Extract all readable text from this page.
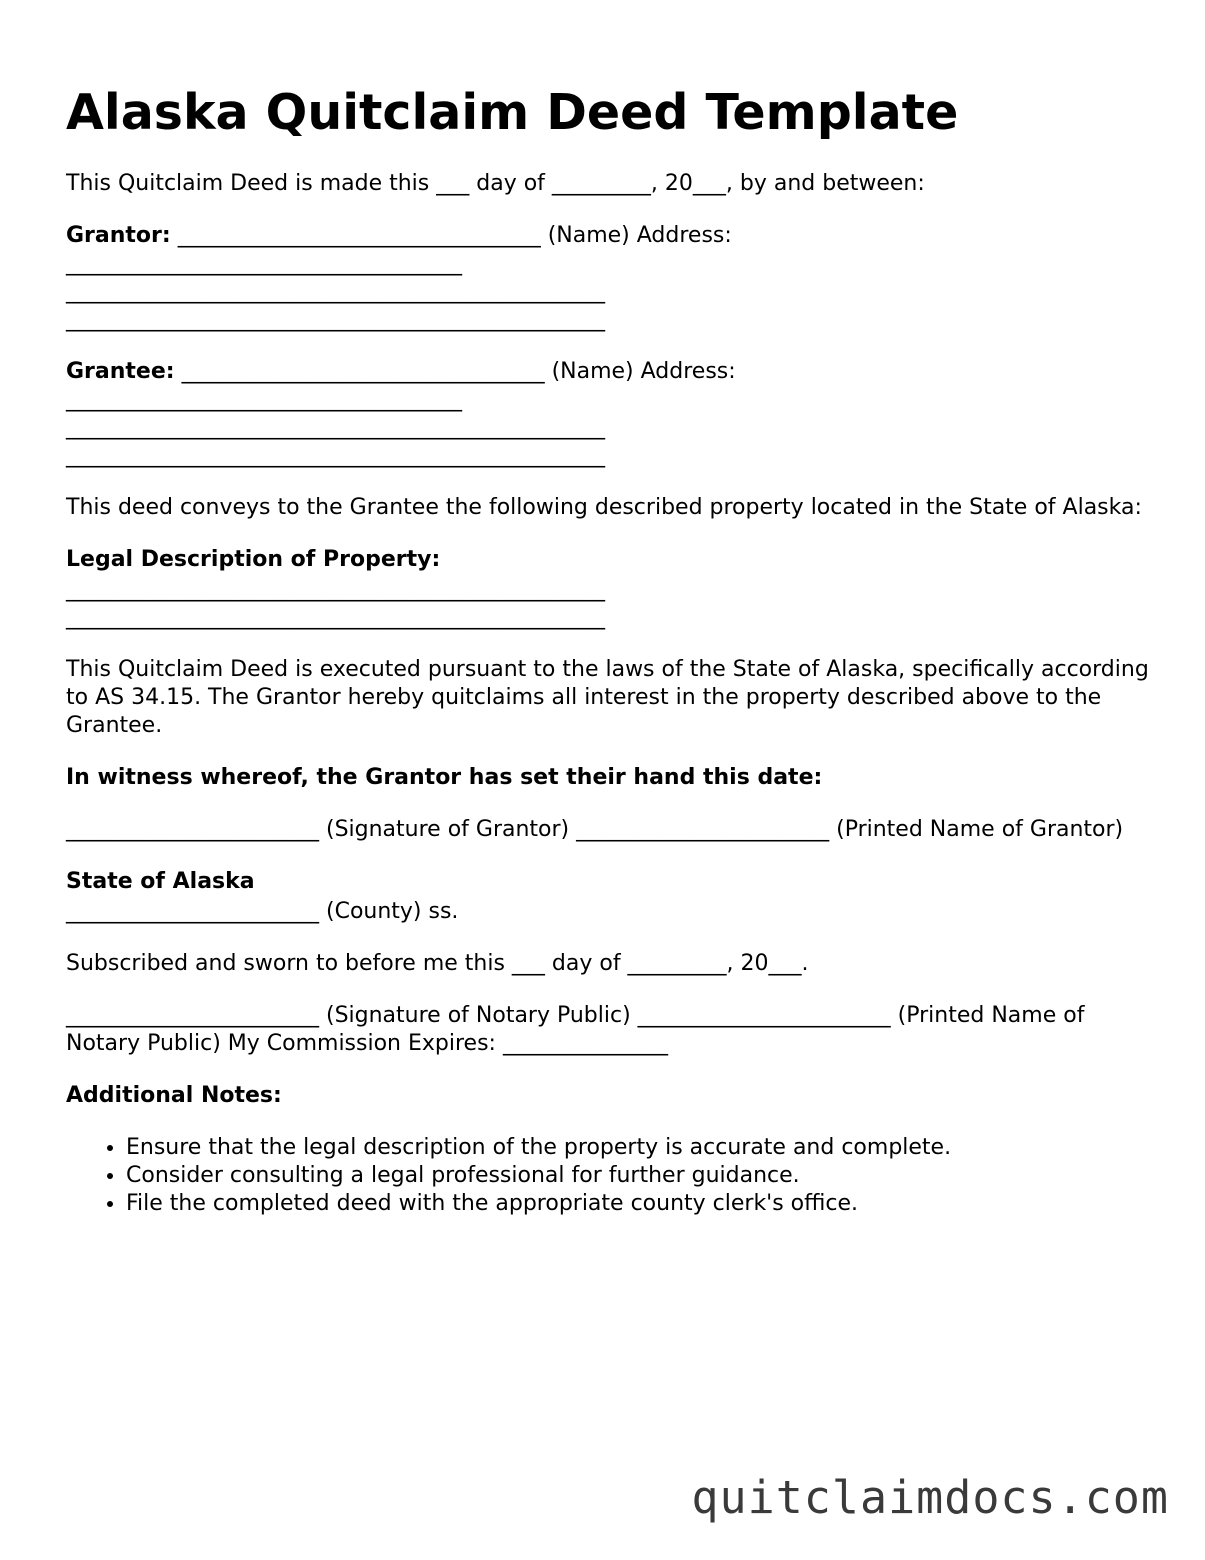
Alaska Quitclaim Deed Template

This Quitclaim Deed is made this ___ day of _________, 20___, by and between:

Grantor: _________________________________ (Name) Address:

____________________________________
_________________________________________________
_________________________________________________

Grantee: _________________________________ (Name) Address:

____________________________________
_________________________________________________
_________________________________________________

This deed conveys to the Grantee the following described property located in the State of Alaska:

Legal Description of Property:
_________________________________________________
_________________________________________________

This Quitclaim Deed is executed pursuant to the laws of the State of Alaska, specifically according to AS 34.15. The Grantor hereby quitclaims all interest in the property described above to the Grantee.

In witness whereof, the Grantor has set their hand this date:

_______________________ (Signature of Grantor) _______________________ (Printed Name of Grantor)

State of Alaska

_______________________ (County) ss.

Subscribed and sworn to before me this ___ day of _________, 20___.

_______________________ (Signature of Notary Public) _______________________ (Printed Name of Notary Public) My Commission Expires: _______________

Additional Notes:

• Ensure that the legal description of the property is accurate and complete.
• Consider consulting a legal professional for further guidance.
• File the completed deed with the appropriate county clerk's office.
quitclaimdocs.com
